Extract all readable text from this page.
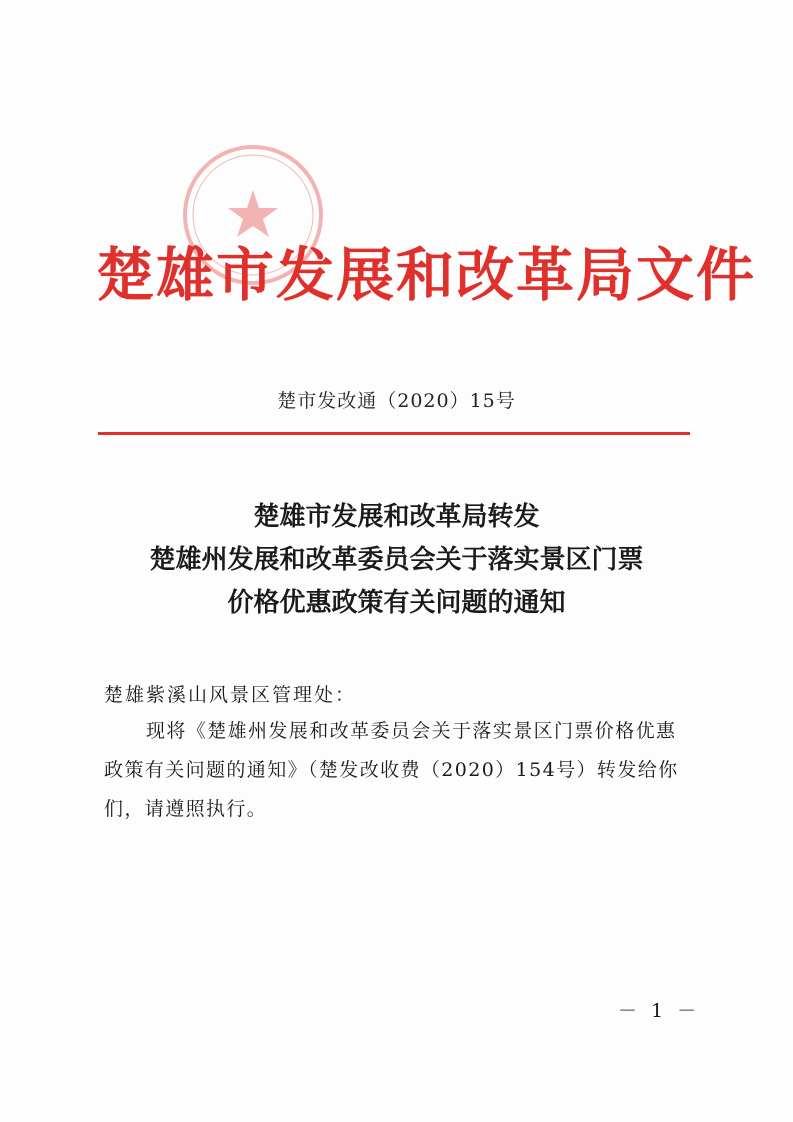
楚雄市发展和改革局文件
楚市发改通（2020）15号
楚雄市发展和改革局转发
楚雄州发展和改革委员会关于落实景区门票
价格优惠政策有关问题的通知
楚雄紫溪山风景区管理处：
现将《楚雄州发展和改革委员会关于落实景区门票价格优惠
政策有关问题的通知》（楚发改收费（2020）154号）转发给你
们，请遵照执行。
－ 1 －
